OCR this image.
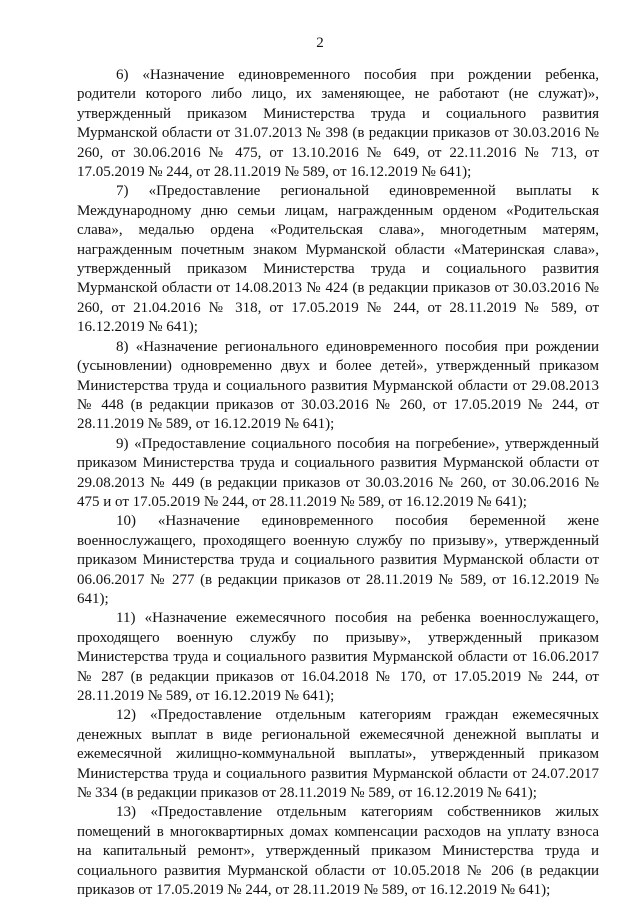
2

6) «Назначение единовременного пособия при рождении ребенка, родители которого либо лицо, их заменяющее, не работают (не служат)», утвержденный приказом Министерства труда и социального развития Мурманской области от 31.07.2013 № 398 (в редакции приказов от 30.03.2016 № 260, от 30.06.2016 № 475, от 13.10.2016 № 649, от 22.11.2016 № 713, от 17.05.2019 № 244, от 28.11.2019 № 589, от 16.12.2019 № 641);

7) «Предоставление региональной единовременной выплаты к Международному дню семьи лицам, награжденным орденом «Родительская слава», медалью ордена «Родительская слава», многодетным матерям, награжденным почетным знаком Мурманской области «Материнская слава», утвержденный приказом Министерства труда и социального развития Мурманской области от 14.08.2013 № 424 (в редакции приказов от 30.03.2016 № 260, от 21.04.2016 № 318, от 17.05.2019 № 244, от 28.11.2019 № 589, от 16.12.2019 № 641);

8) «Назначение регионального единовременного пособия при рождении (усыновлении) одновременно двух и более детей», утвержденный приказом Министерства труда и социального развития Мурманской области от 29.08.2013 № 448 (в редакции приказов от 30.03.2016 № 260, от 17.05.2019 № 244, от 28.11.2019 № 589, от 16.12.2019 № 641);

9) «Предоставление социального пособия на погребение», утвержденный приказом Министерства труда и социального развития Мурманской области от 29.08.2013 № 449 (в редакции приказов от 30.03.2016 № 260, от 30.06.2016 № 475 и от 17.05.2019 № 244, от 28.11.2019 № 589, от 16.12.2019 № 641);

10) «Назначение единовременного пособия беременной жене военнослужащего, проходящего военную службу по призыву», утвержденный приказом Министерства труда и социального развития Мурманской области от 06.06.2017 № 277 (в редакции приказов от 28.11.2019 № 589, от 16.12.2019 № 641);

11) «Назначение ежемесячного пособия на ребенка военнослужащего, проходящего военную службу по призыву», утвержденный приказом Министерства труда и социального развития Мурманской области от 16.06.2017 № 287 (в редакции приказов от 16.04.2018 № 170, от 17.05.2019 № 244, от 28.11.2019 № 589, от 16.12.2019 № 641);

12) «Предоставление отдельным категориям граждан ежемесячных денежных выплат в виде региональной ежемесячной денежной выплаты и ежемесячной жилищно-коммунальной выплаты», утвержденный приказом Министерства труда и социального развития Мурманской области от 24.07.2017 № 334 (в редакции приказов от 28.11.2019 № 589, от 16.12.2019 № 641);

13) «Предоставление отдельным категориям собственников жилых помещений в многоквартирных домах компенсации расходов на уплату взноса на капитальный ремонт», утвержденный приказом Министерства труда и социального развития Мурманской области от 10.05.2018 № 206 (в редакции приказов от 17.05.2019 № 244, от 28.11.2019 № 589, от 16.12.2019 № 641);
